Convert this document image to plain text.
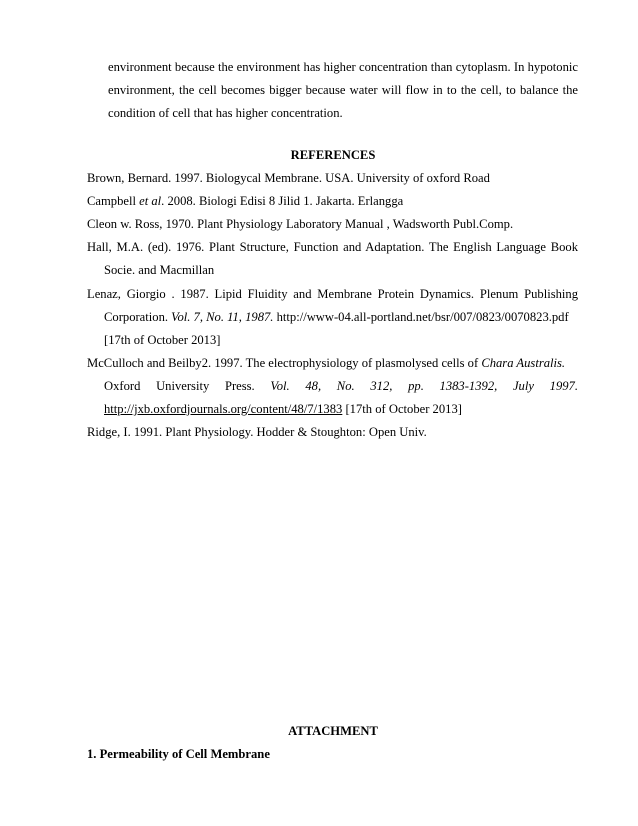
environment because the environment has higher concentration than cytoplasm. In hypotonic
environment, the cell becomes bigger because water will flow in to the cell, to balance the
condition of cell that has higher concentration.
REFERENCES
Brown, Bernard. 1997. Biologycal Membrane. USA. University of oxford Road
Campbell et al. 2008. Biologi Edisi 8 Jilid 1. Jakarta. Erlangga
Cleon w. Ross, 1970. Plant Physiology Laboratory Manual , Wadsworth Publ.Comp.
Hall, M.A. (ed). 1976. Plant Structure, Function and Adaptation. The English Language Book
Socie. and Macmillan
Lenaz, Giorgio . 1987. Lipid Fluidity and Membrane Protein Dynamics. Plenum Publishing
Corporation. Vol. 7, No. 11, 1987. http://www-04.all-portland.net/bsr/007/0823/0070823.pdf
[17th of October 2013]
McCulloch and Beilby2. 1997. The electrophysiology of plasmolysed cells of Chara Australis.
Oxford University Press. Vol. 48, No. 312, pp. 1383-1392, July 1997.
http://jxb.oxfordjournals.org/content/48/7/1383 [17th of October 2013]
Ridge, I. 1991. Plant Physiology. Hodder & Stoughton: Open Univ.
ATTACHMENT
1. Permeability of Cell Membrane
